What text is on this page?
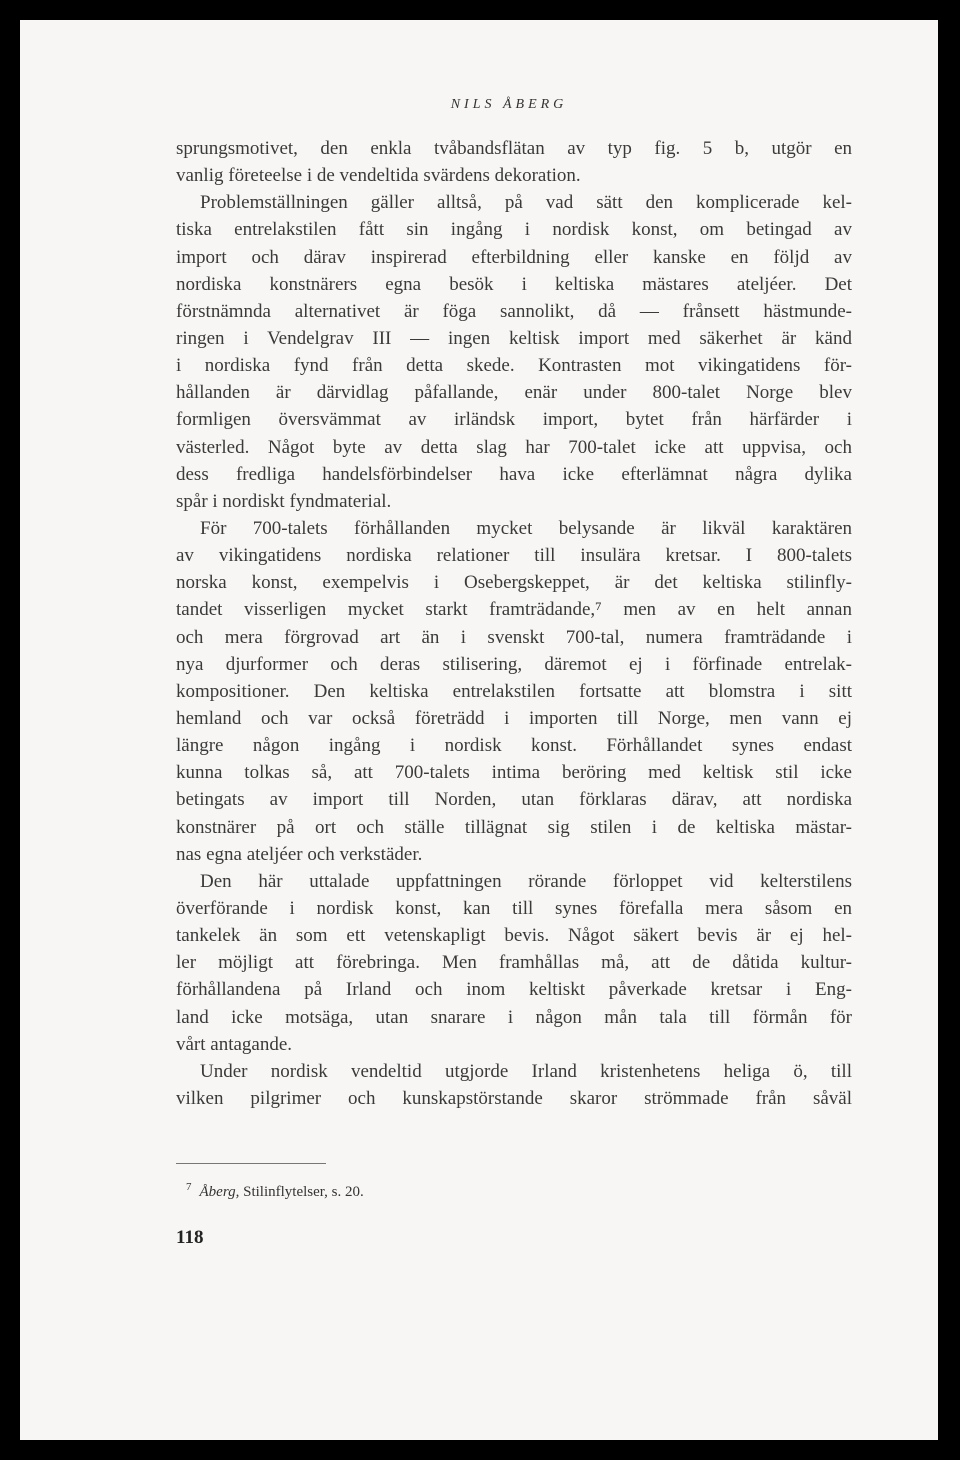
NILS ÅBERG
sprungsmotivet, den enkla tvåbandsflätan av typ fig. 5 b, utgör en
vanlig företeelse i de vendeltida svärdens dekoration.
Problemställningen gäller alltså, på vad sätt den komplicerade kel-
tiska entrelakstilen fått sin ingång i nordisk konst, om betingad av
import och därav inspirerad efterbildning eller kanske en följd av
nordiska konstnärers egna besök i keltiska mästares ateljéer. Det
förstnämnda alternativet är föga sannolikt, då — frånsett hästmunde-
ringen i Vendelgrav III — ingen keltisk import med säkerhet är känd
i nordiska fynd från detta skede. Kontrasten mot vikingatidens för-
hållanden är därvidlag påfallande, enär under 800-talet Norge blev
formligen översvämmat av irländsk import, bytet från härfärder i
västerled. Något byte av detta slag har 700-talet icke att uppvisa, och
dess fredliga handelsförbindelser hava icke efterlämnat några dylika
spår i nordiskt fyndmaterial.
För 700-talets förhållanden mycket belysande är likväl karaktären
av vikingatidens nordiska relationer till insulära kretsar. I 800-talets
norska konst, exempelvis i Osebergskeppet, är det keltiska stilinfly-
tandet visserligen mycket starkt framträdande,⁷ men av en helt annan
och mera förgrovad art än i svenskt 700-tal, numera framträdande i
nya djurformer och deras stilisering, däremot ej i förfinade entrelak-
kompositioner. Den keltiska entrelakstilen fortsatte att blomstra i sitt
hemland och var också företrädd i importen till Norge, men vann ej
längre någon ingång i nordisk konst. Förhållandet synes endast
kunna tolkas så, att 700-talets intima beröring med keltisk stil icke
betingats av import till Norden, utan förklaras därav, att nordiska
konstnärer på ort och ställe tillägnat sig stilen i de keltiska mästar-
nas egna ateljéer och verkstäder.
Den här uttalade uppfattningen rörande förloppet vid kelterstilens
överförande i nordisk konst, kan till synes förefalla mera såsom en
tankelek än som ett vetenskapligt bevis. Något säkert bevis är ej hel-
ler möjligt att förebringa. Men framhållas må, att de dåtida kultur-
förhållandena på Irland och inom keltiskt påverkade kretsar i Eng-
land icke motsäga, utan snarare i någon mån tala till förmån för
vårt antagande.
Under nordisk vendeltid utgjorde Irland kristenhetens heliga ö, till
vilken pilgrimer och kunskapstörstande skaror strömmade från såväl
$^7$ Åberg, Stilinflytelser, s. 20.
118
